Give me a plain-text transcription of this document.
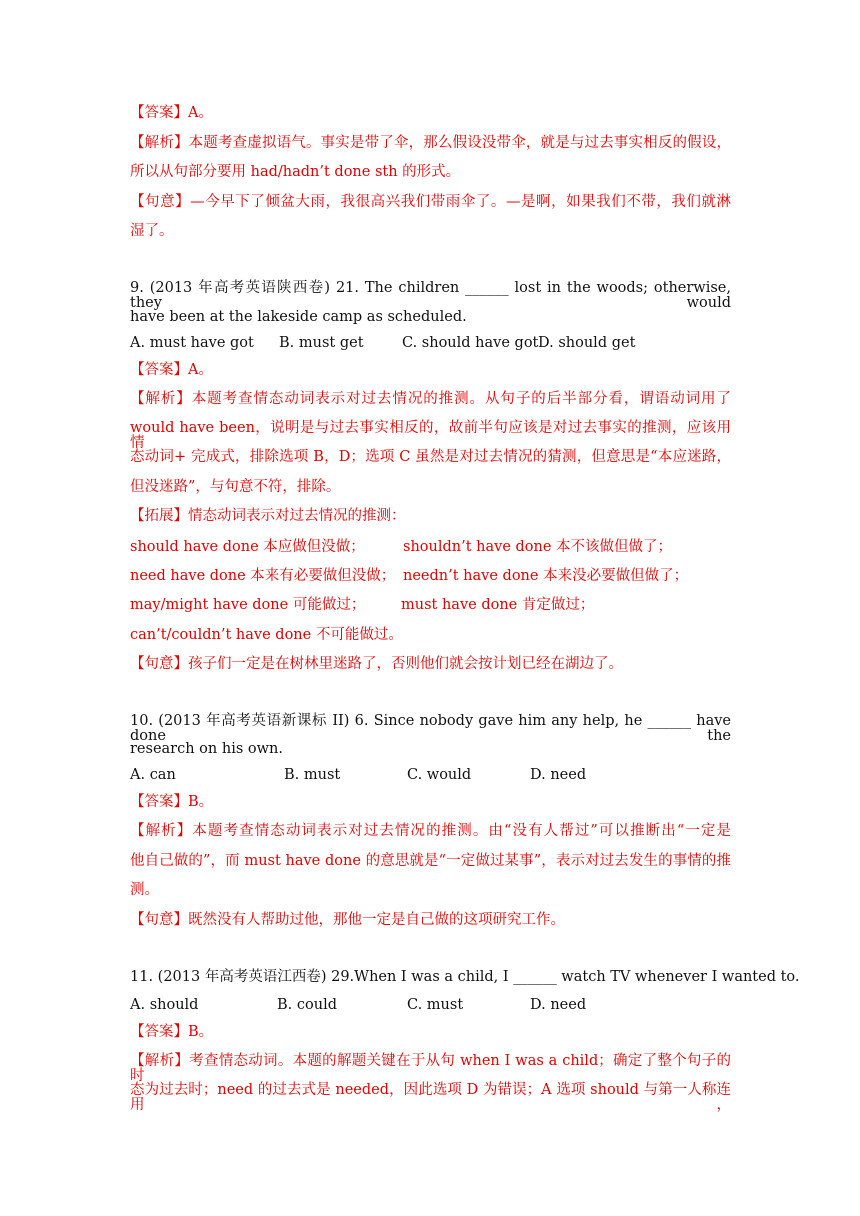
【答案】A。
【解析】本题考查虚拟语气。事实是带了伞，那么假设没带伞，就是与过去事实相反的假设，
所以从句部分要用 had/hadn’t done sth 的形式。
【句意】—今早下了倾盆大雨，我很高兴我们带雨伞了。—是啊，如果我们不带，我们就淋
湿了。
9. (2013 年高考英语陕西卷) 21. The children ______ lost in the woods; otherwise, they would
have been at the lakeside camp as scheduled.
A. must have got B. must get	C. should have got D. should get
【答案】A。
【解析】本题考查情态动词表示对过去情况的推测。从句子的后半部分看，谓语动词用了
would have been，说明是与过去事实相反的，故前半句应该是对过去事实的推测，应该用情
态动词+ 完成式，排除选项 B，D；选项 C 虽然是对过去情况的猜测，但意思是“本应迷路，
但没迷路”，与句意不符，排除。
【拓展】情态动词表示对过去情况的推测：
should have done 本应做但没做；	shouldn’t have done 本不该做但做了；
need have done 本来有必要做但没做； needn’t have done 本来没必要做但做了；
may/might have done 可能做过； must have done 肯定做过；
can’t/couldn’t have done 不可能做过。
【句意】孩子们一定是在树林里迷路了，否则他们就会按计划已经在湖边了。
10. (2013 年高考英语新课标 II) 6. Since nobody gave him any help, he ______ have done the
research on his own.
A. can	B. must	C. would	D. need
【答案】B。
【解析】本题考查情态动词表示对过去情况的推测。由“没有人帮过”可以推断出“一定是
他自己做的”，而 must have done 的意思就是“一定做过某事”，表示对过去发生的事情的推
测。
【句意】既然没有人帮助过他，那他一定是自己做的这项研究工作。
11. (2013 年高考英语江西卷) 29.When I was a child, I ______ watch TV whenever I wanted to.
A. should	B. could	C. must	D. need
【答案】B。
【解析】考查情态动词。本题的解题关键在于从句 when I was a child；确定了整个句子的时
态为过去时；need 的过去式是 needed，因此选项 D 为错误；A 选项 should 与第一人称连用，
